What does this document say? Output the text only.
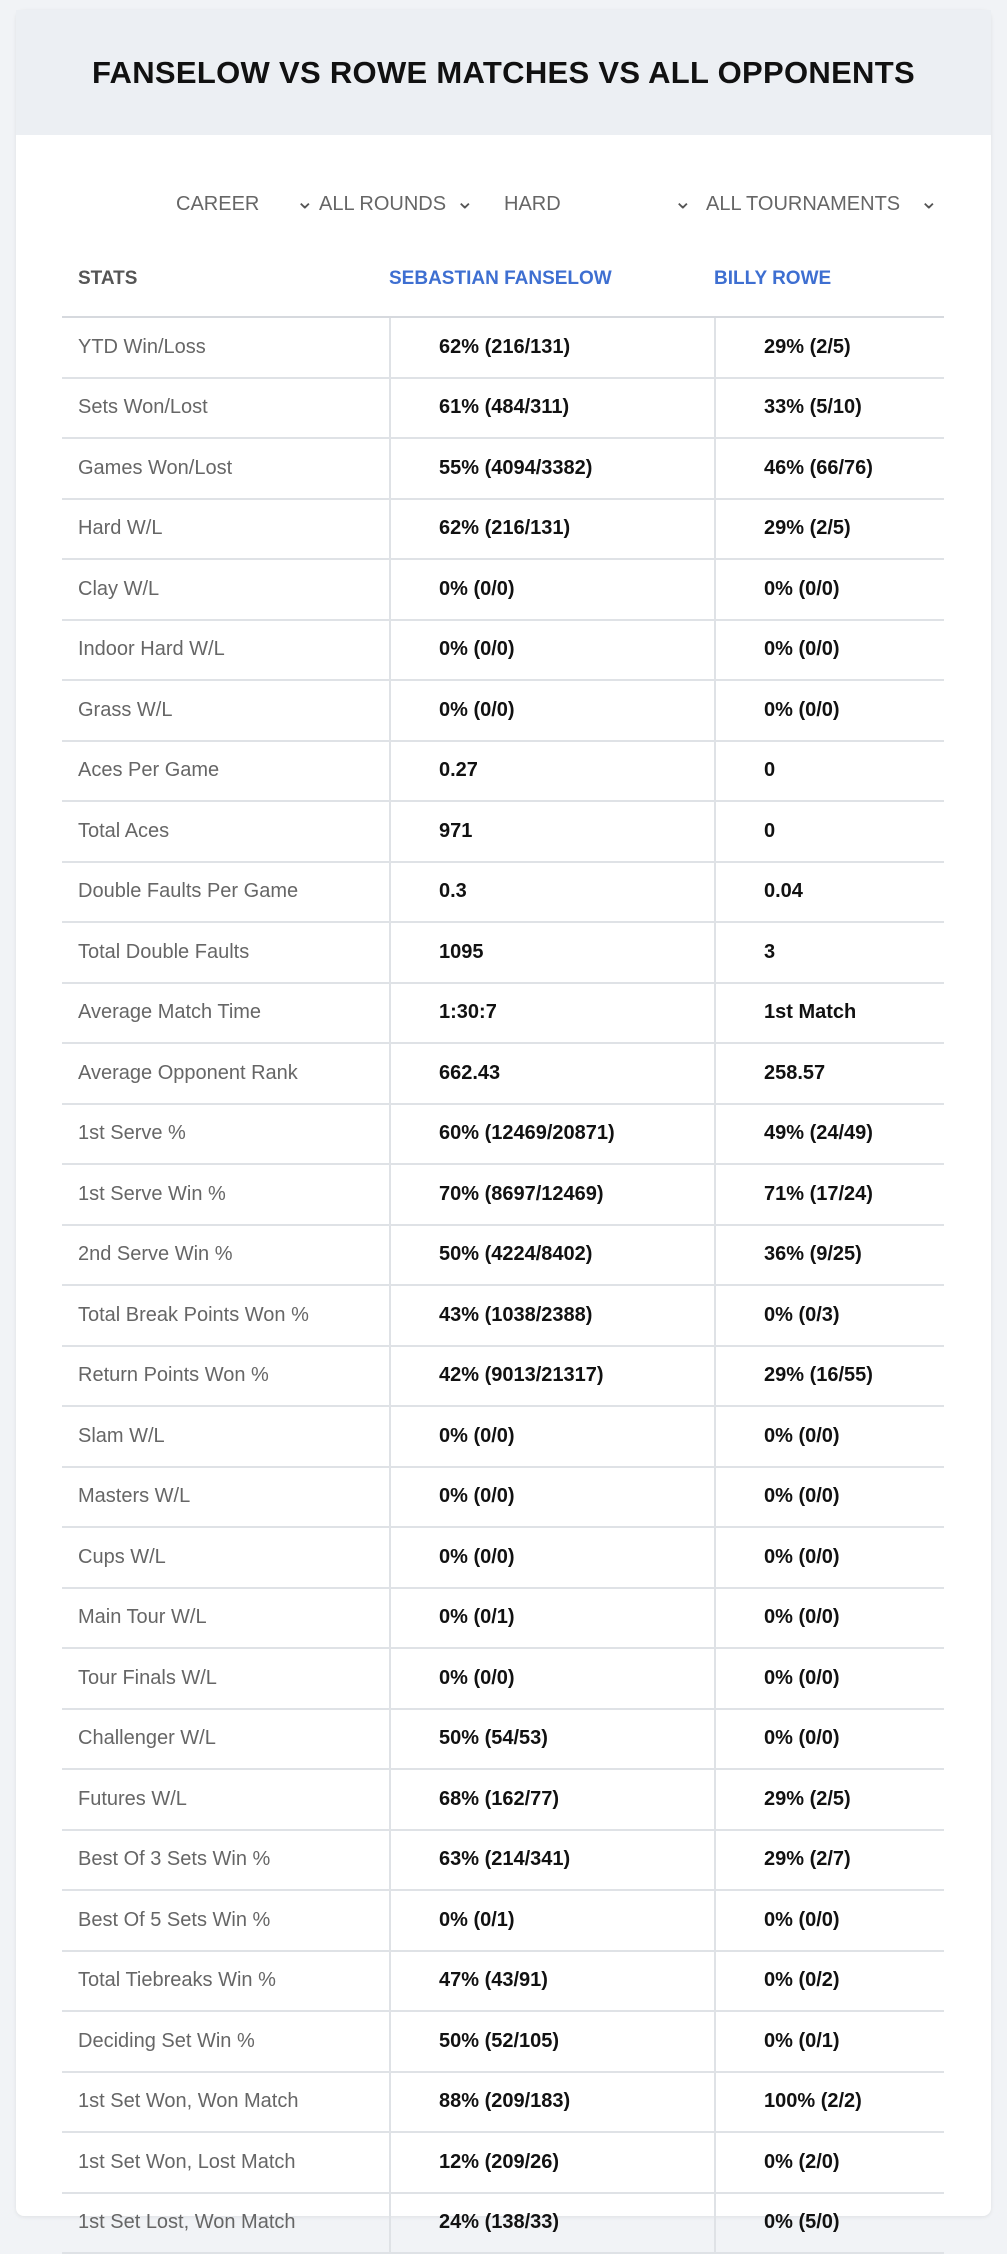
FANSELOW VS ROWE MATCHES VS ALL OPPONENTS
CAREER ⌄ ALL ROUNDS ⌄ HARD	⌄ ALL TOURNAMENTS ⌄
STATS	SEBASTIAN FANSELOW	BILLY ROWE
YTD Win/Loss	62% (216/131)	29% (2/5)
Sets Won/Lost	61% (484/311)	33% (5/10)
Games Won/Lost	55% (4094/3382)	46% (66/76)
Hard W/L	62% (216/131)	29% (2/5)
Clay W/L	0% (0/0)	0% (0/0)
Indoor Hard W/L	0% (0/0)	0% (0/0)
Grass W/L	0% (0/0)	0% (0/0)
Aces Per Game	0.27	0
Total Aces	971	0
Double Faults Per Game	0.3	0.04
Total Double Faults	1095	3
Average Match Time	1:30:7	1st Match
Average Opponent Rank	662.43	258.57
1st Serve %	60% (12469/20871)	49% (24/49)
1st Serve Win %	70% (8697/12469)	71% (17/24)
2nd Serve Win %	50% (4224/8402)	36% (9/25)
Total Break Points Won %	43% (1038/2388)	0% (0/3)
Return Points Won %	42% (9013/21317)	29% (16/55)
Slam W/L	0% (0/0)	0% (0/0)
Masters W/L	0% (0/0)	0% (0/0)
Cups W/L	0% (0/0)	0% (0/0)
Main Tour W/L	0% (0/1)	0% (0/0)
Tour Finals W/L	0% (0/0)	0% (0/0)
Challenger W/L	50% (54/53)	0% (0/0)
Futures W/L	68% (162/77)	29% (2/5)
Best Of 3 Sets Win %	63% (214/341)	29% (2/7)
Best Of 5 Sets Win %	0% (0/1)	0% (0/0)
Total Tiebreaks Win %	47% (43/91)	0% (0/2)
Deciding Set Win %	50% (52/105)	0% (0/1)
1st Set Won, Won Match	88% (209/183)	100% (2/2)
1st Set Won, Lost Match	12% (209/26)	0% (2/0)
1st Set Lost, Won Match	24% (138/33)	0% (5/0)
